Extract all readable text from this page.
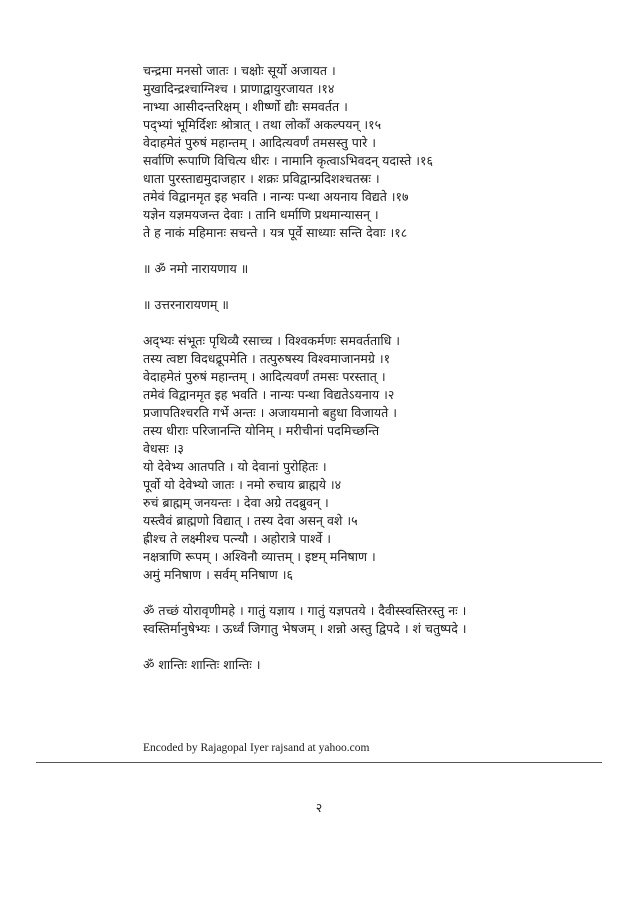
चन्द्रमा मनसो जातः । चक्षोः सूर्यो अजायत ।
मुखादिन्द्रश्चाग्निश्च । प्राणाद्वायुरजायत ।१४
नाभ्या आसीदन्तरिक्षम् । शीर्ष्णो द्यौः समवर्तत ।
पद्भ्यां भूमिर्दिशः श्रोत्रात् । तथा लोकाँ अकल्पयन् ।१५
वेदाहमेतं पुरुषं महान्तम् । आदित्यवर्णं तमसस्तु पारे ।
सर्वाणि रूपाणि विचित्य धीरः । नामानि कृत्वाऽभिवदन् यदास्ते ।१६
धाता पुरस्ताद्यमुदाजहार । शक्रः प्रविद्वान्प्रदिशश्चतस्रः ।
तमेवं विद्वानमृत इह भवति । नान्यः पन्था अयनाय विद्यते ।१७
यज्ञेन यज्ञमयजन्त देवाः । तानि धर्माणि प्रथमान्यासन् ।
ते ह नाकं महिमानः सचन्ते । यत्र पूर्वे साध्याः सन्ति देवाः ।१८
॥ ॐ नमो नारायणाय ॥
॥ उत्तरनारायणम् ॥
अद्भ्यः संभूतः पृथिव्यै रसाच्च । विश्वकर्मणः समवर्तताधि ।
तस्य त्वष्टा विदधद्रूपमेति । तत्पुरुषस्य विश्वमाजानमग्रे ।१
वेदाहमेतं पुरुषं महान्तम् । आदित्यवर्णं तमसः परस्तात् ।
तमेवं विद्वानमृत इह भवति । नान्यः पन्था विद्यतेऽयनाय ।२
प्रजापतिश्चरति गर्भे अन्तः । अजायमानो बहुधा विजायते ।
तस्य धीराः परिजानन्ति योनिम् । मरीचीनां पदमिच्छन्ति
वेधसः ।३
यो देवेभ्य आतपति । यो देवानां पुरोहितः ।
पूर्वो यो देवेभ्यो जातः । नमो रुचाय ब्राह्मये ।४
रुचं ब्राह्मम् जनयन्तः । देवा अग्रे तदब्रुवन् ।
यस्त्वैवं ब्राह्मणो विद्यात् । तस्य देवा असन् वशे ।५
ह्रीश्च ते लक्ष्मीश्च पत्न्यौ । अहोरात्रे पार्श्वे ।
नक्षत्राणि रूपम् । अश्विनौ व्यात्तम् । इष्टम् मनिषाण ।
अमुं मनिषाण । सर्वम् मनिषाण ।६
ॐ तच्छं योरावृणीमहे । गातुं यज्ञाय । गातुं यज्ञपतये । दैवीस्स्वस्तिरस्तु नः ।
स्वस्तिर्मानुषेभ्यः । ऊर्ध्वं जिगातु भेषजम् । शन्नो अस्तु द्विपदे । शं चतुष्पदे ।
ॐ शान्तिः शान्तिः शान्तिः ।
Encoded by Rajagopal Iyer rajsand at yahoo.com
२
